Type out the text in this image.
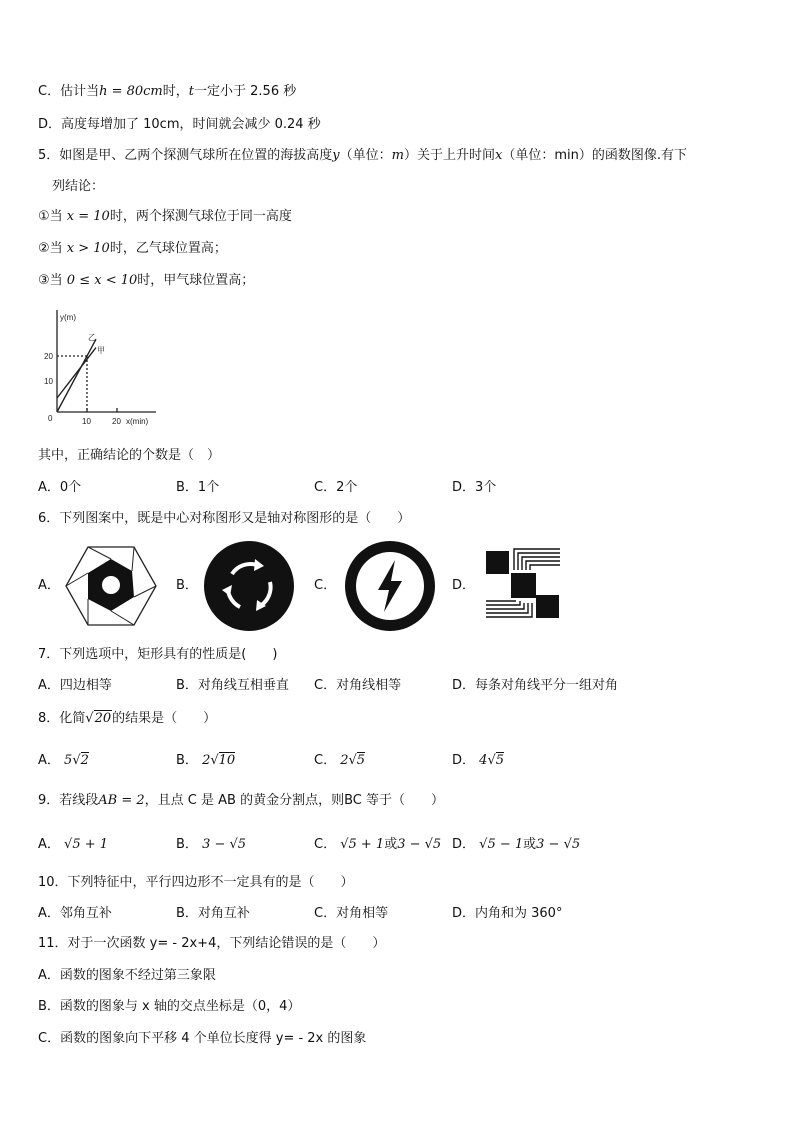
C．估计当h = 80cm时，t一定小于 2.56 秒
D．高度每增加了 10cm，时间就会减少 0.24 秒
5．如图是甲、乙两个探测气球所在位置的海拔高度y（单位：m）关于上升时间x（单位：min）的函数图像.有下
列结论：
①当 x = 10时，两个探测气球位于同一高度
②当 x > 10时，乙气球位置高；
③当 0 ≤ x < 10时，甲气球位置高；
y(m)
x(min)
20
10
10	20
0
乙
甲
其中，正确结论的个数是（　）
A．0个	B．1个	C．2个	D．3个
6．下列图案中，既是中心对称图形又是轴对称图形的是（　　）
A．	B．	C．	D．
7．下列选项中，矩形具有的性质是(　　)
A．四边相等	B．对角线互相垂直 C．对角线相等	D．每条对角线平分一组对角
8．化简√20的结果是（　　）
A． 5√2	B． 2√10	C． 2√5	D． 4√5
9．若线段AB = 2，且点 C 是 AB 的黄金分割点，则BC 等于（　　）
A． √5 + 1	B． 3 − √5	C． √5 + 1或3 − √5 D． √5 − 1或3 − √5
10．下列特征中，平行四边形不一定具有的是（　　）
A．邻角互补	B．对角互补	C．对角相等	D．内角和为 360°
11．对于一次函数 y= - 2x+4，下列结论错误的是（　　）
A．函数的图象不经过第三象限
B．函数的图象与 x 轴的交点坐标是（0，4）
C．函数的图象向下平移 4 个单位长度得 y= - 2x 的图象
